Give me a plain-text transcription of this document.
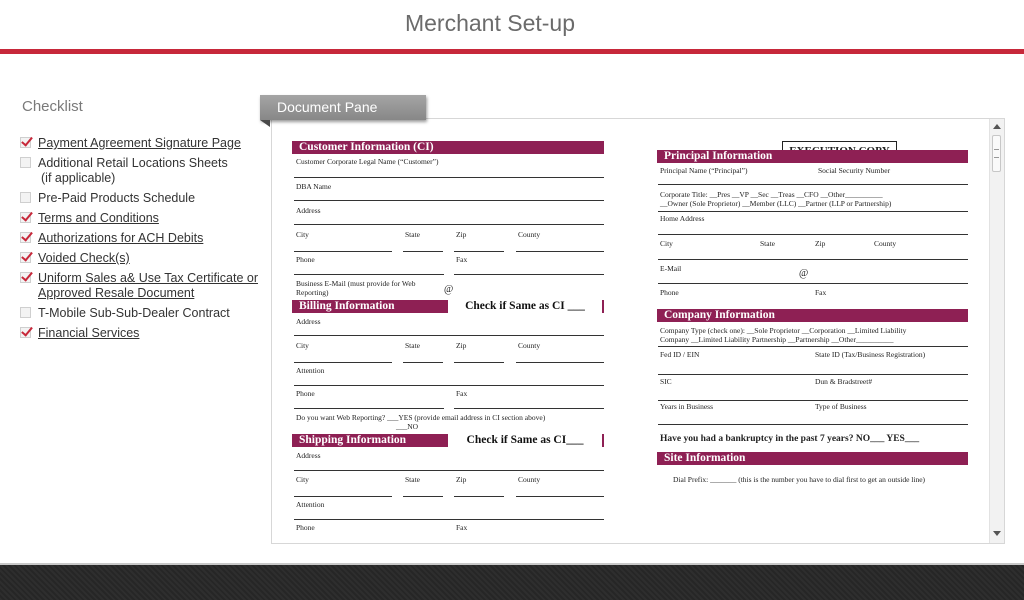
Merchant Set-up
Checklist
Payment Agreement Signature Page
Additional Retail Locations Sheets
(if applicable)
Pre-Paid Products Schedule
Terms and Conditions
Authorizations for ACH Debits
Voided Check(s)
Uniform Sales a& Use Tax Certificate or
Approved Resale Document
T-Mobile Sub-Sub-Dealer Contract
Financial Services
Customer Information (CI)
Customer Corporate Legal Name (“Customer”)
DBA Name
Address
City	State	Zip	County
Phone	Fax
Business E-Mail (must provide for Web Reporting)	@
Billing Information	Check if Same as CI ___
Address
City	State	Zip	County
Attention
Phone	Fax
Do you want Web Reporting? ___YES (provide email address in CI section above)
___NO
Shipping Information	Check if Same as CI___
Address
City	State	Zip	County
Attention
Phone	Fax
Principal Information
Principal Name (“Principal”)	Social Security Number
Corporate Title: __Pres __VP __Sec __Treas __CFO __Other__________
__Owner (Sole Proprietor) __Member (LLC) __Partner (LLP or Partnership)
Home Address
City	State	Zip	County
E-Mail	@
Phone	Fax
Company Information
Company Type (check one): __Sole Proprietor __Corporation __Limited Liability
Company __Limited Liability Partnership __Partnership __Other__________
Fed ID / EIN	State ID (Tax/Business Registration)
SIC	Dun & Bradstreet#
Years in Business	Type of Business
Have you had a bankruptcy in the past 7 years? NO___ YES___
Site Information
Dial Prefix: _______ (this is the number you have to dial first to get an outside line)
Document Pane
